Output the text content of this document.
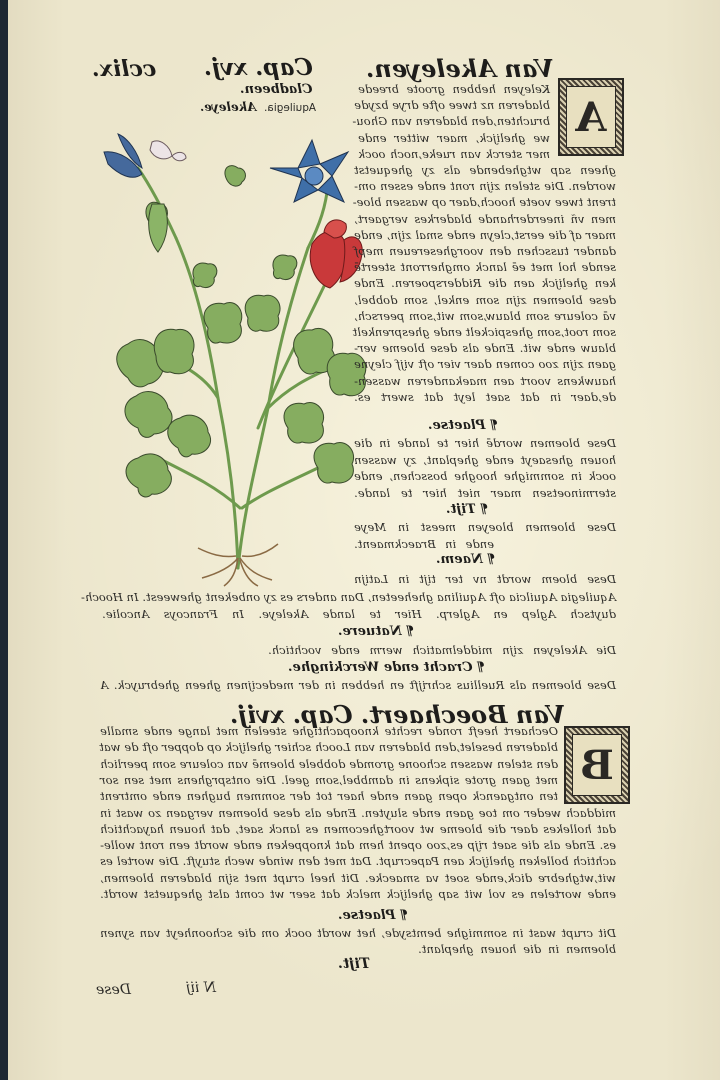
cclix. Cap. xvj. Van Akeleyen.
Cladbeen.
Aquilegia.
Akeleye.	A
B
Van Boechaert. Cap. xvij.
Tijt.
N iij
Dese
Keleyen hebben groote breede
bladeren nz twee ofte drye bzyde
bruchten,den bladeren van Ghou-
we ghelijck, maer witter ende
mer sterck van rueke,noch oock
gheen sap wtghebende als zy ghequetst
worden. Die stelen zijn ront ende essen om-
trent twee voete hooch,daer op wassen bloe-
men vñ ineerderhande bladerkes vergaert,
maer af die eerst,cleyn ende smal zijn, ende
dander tusschen den voorghesereuen mepf
sende hol met eē lanck omgherront steertē
ken ghelijck aen die Ridderspoeren. Ende
dese bloemen zijn som enkel, som dobbel,
vā coleure som blauw,som wit,som peersch,
som root,som ghespickelt ende ghesprenkelt
blauw ende wit. Ende als dese bloeme ver-
gaen zijn zoo comen daer vier oft vijf cleyne
hauwkens voort aen maekanderen wassen-
de,daer in dat saet leyt dat swert es.
¶ Plaetse.
Dese bloemen wordē hier te lande in die
houen ghesaeyt ende gheplant, zy wassen
oock in sommighe hooghe bosschen, ende
sterminoetsen maer niet hier te lande.
¶ Tijt.
Dese bloemen bloeyen meest in Meye
ende in Braeckmaent.
¶ Naem.
Dese bloem wordt nv ter tijt in Latijn
Aquilegia Aquilcia oft Aquilina gheheeten, Dan anders es zy onbekent gheweest. In Hooch-
duytsch Aglep en Aglerp. Hier te lande Akeleye. In Francoys Ancolie.
¶ Natuere.
Die Akeleyen zijn middelmatich werm ende vochtich.
¶ Cracht ende Werckinghe.
Dese bloemen als Ruellius schrijft en hebben in der medecijnen gheen ghebruyck. A
Oechaert heeft ronde rechte knoopachtighe steelen met lange ende smalle
bladeren beselet,den bladeren van Looch schier ghelijck op dopper oft de wat
den stelen wassen schoone gromde dobbele bloemē van coleure som peerlich
met gaen grote sipkens in dambbel,som geel. Die ontsprghens met sen sor
ten ontgaenck open gaen ende haer tot der sommen bughen ende omtrent
middach weder om toe gaen ende sluyten. Ende als dese bloemen vergaen zo wast in
dat hollekes daer die bloeme wt voortghecomen es lanck saet, dat houen hayachtich
es. Ende als die saet rijp es,zoo opent hem dat knoppeken ende wordt een ront wolle-
achtich bolleken ghelijck aen Papecrupt. Dat met den winde wech stuyft. Die wortel es
wit,wtghebre dick,ende soet va smaecke. Dit heel crupt met sijn bladeren bloemen,
ende wortelen es vol wit sap ghelijck melck dat seer wt comt alst ghequetst wordt.
¶ Plaetse.
Dit crupt wast in sommighe bemtsyde, het wordt oock om die schoonheyt van synen
bloemen in die houen gheplant.
